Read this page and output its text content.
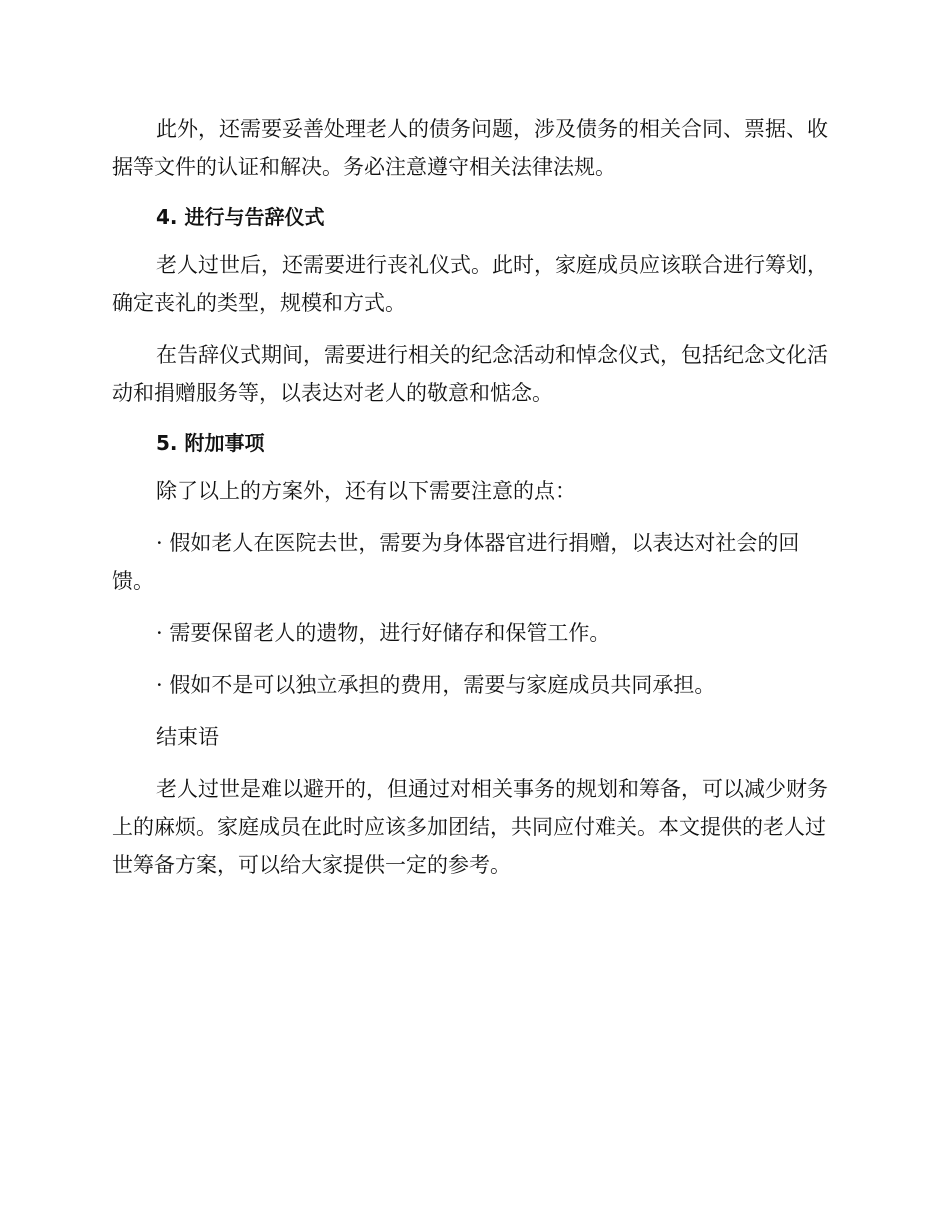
此外，还需要妥善处理老人的债务问题，涉及债务的相关合同、票据、收据等文件的认证和解决。务必注意遵守相关法律法规。

4. 进行与告辞仪式

老人过世后，还需要进行丧礼仪式。此时，家庭成员应该联合进行筹划，确定丧礼的类型，规模和方式。

在告辞仪式期间，需要进行相关的纪念活动和悼念仪式，包括纪念文化活动和捐赠服务等，以表达对老人的敬意和惦念。

5. 附加事项

除了以上的方案外，还有以下需要注意的点：

· 假如老人在医院去世，需要为身体器官进行捐赠，以表达对社会的回馈。

· 需要保留老人的遗物，进行好储存和保管工作。

· 假如不是可以独立承担的费用，需要与家庭成员共同承担。

结束语

老人过世是难以避开的，但通过对相关事务的规划和筹备，可以减少财务上的麻烦。家庭成员在此时应该多加团结，共同应付难关。本文提供的老人过世筹备方案，可以给大家提供一定的参考。
